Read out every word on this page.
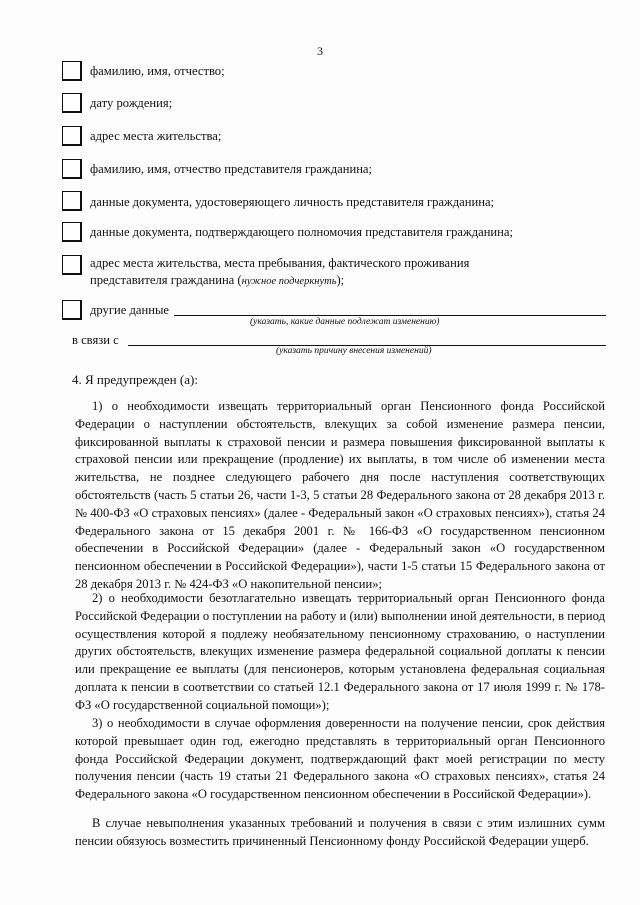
3
фамилию, имя, отчество;
дату рождения;
адрес места жительства;
фамилию, имя, отчество представителя гражданина;
данные документа, удостоверяющего личность представителя гражданина;
данные документа, подтверждающего полномочия представителя гражданина;
адрес места жительства, места пребывания, фактического проживания
представителя гражданина (нужное подчеркнуть);
другие данные
(указать, какие данные подлежат изменению)
в связи с
(указать причину внесения изменений)
4. Я предупрежден (а):

1) о необходимости извещать территориальный орган Пенсионного фонда Российской Федерации о наступлении обстоятельств, влекущих за собой изменение размера пенсии, фиксированной выплаты к страховой пенсии и размера повышения фиксированной выплаты к страховой пенсии или прекращение (продление) их выплаты, в том числе об изменении места жительства, не позднее следующего рабочего дня после наступления соответствующих обстоятельств (часть 5 статьи 26, части 1-3, 5 статьи 28 Федерального закона от 28 декабря 2013 г. № 400-ФЗ «О страховых пенсиях» (далее - Федеральный закон «О страховых пенсиях»), статья 24 Федерального закона от 15 декабря 2001 г. № 166-ФЗ «О государственном пенсионном обеспечении в Российской Федерации» (далее - Федеральный закон «О государственном пенсионном обеспечении в Российской Федерации»), части 1-5 статьи 15 Федерального закона от 28 декабря 2013 г. № 424-ФЗ «О накопительной пенсии»;

2) о необходимости безотлагательно извещать территориальный орган Пенсионного фонда Российской Федерации о поступлении на работу и (или) выполнении иной деятельности, в период осуществления которой я подлежу необязательному пенсионному страхованию, о наступлении других обстоятельств, влекущих изменение размера федеральной социальной доплаты к пенсии или прекращение ее выплаты (для пенсионеров, которым установлена федеральная социальная доплата к пенсии в соответствии со статьей 12.1 Федерального закона от 17 июля 1999 г. № 178-ФЗ «О государственной социальной помощи»);

3) о необходимости в случае оформления доверенности на получение пенсии, срок действия которой превышает один год, ежегодно представлять в территориальный орган Пенсионного фонда Российской Федерации документ, подтверждающий факт моей регистрации по месту получения пенсии (часть 19 статьи 21 Федерального закона «О страховых пенсиях», статья 24 Федерального закона «О государственном пенсионном обеспечении в Российской Федерации»).

В случае невыполнения указанных требований и получения в связи с этим излишних сумм пенсии обязуюсь возместить причиненный Пенсионному фонду Российской Федерации ущерб.
